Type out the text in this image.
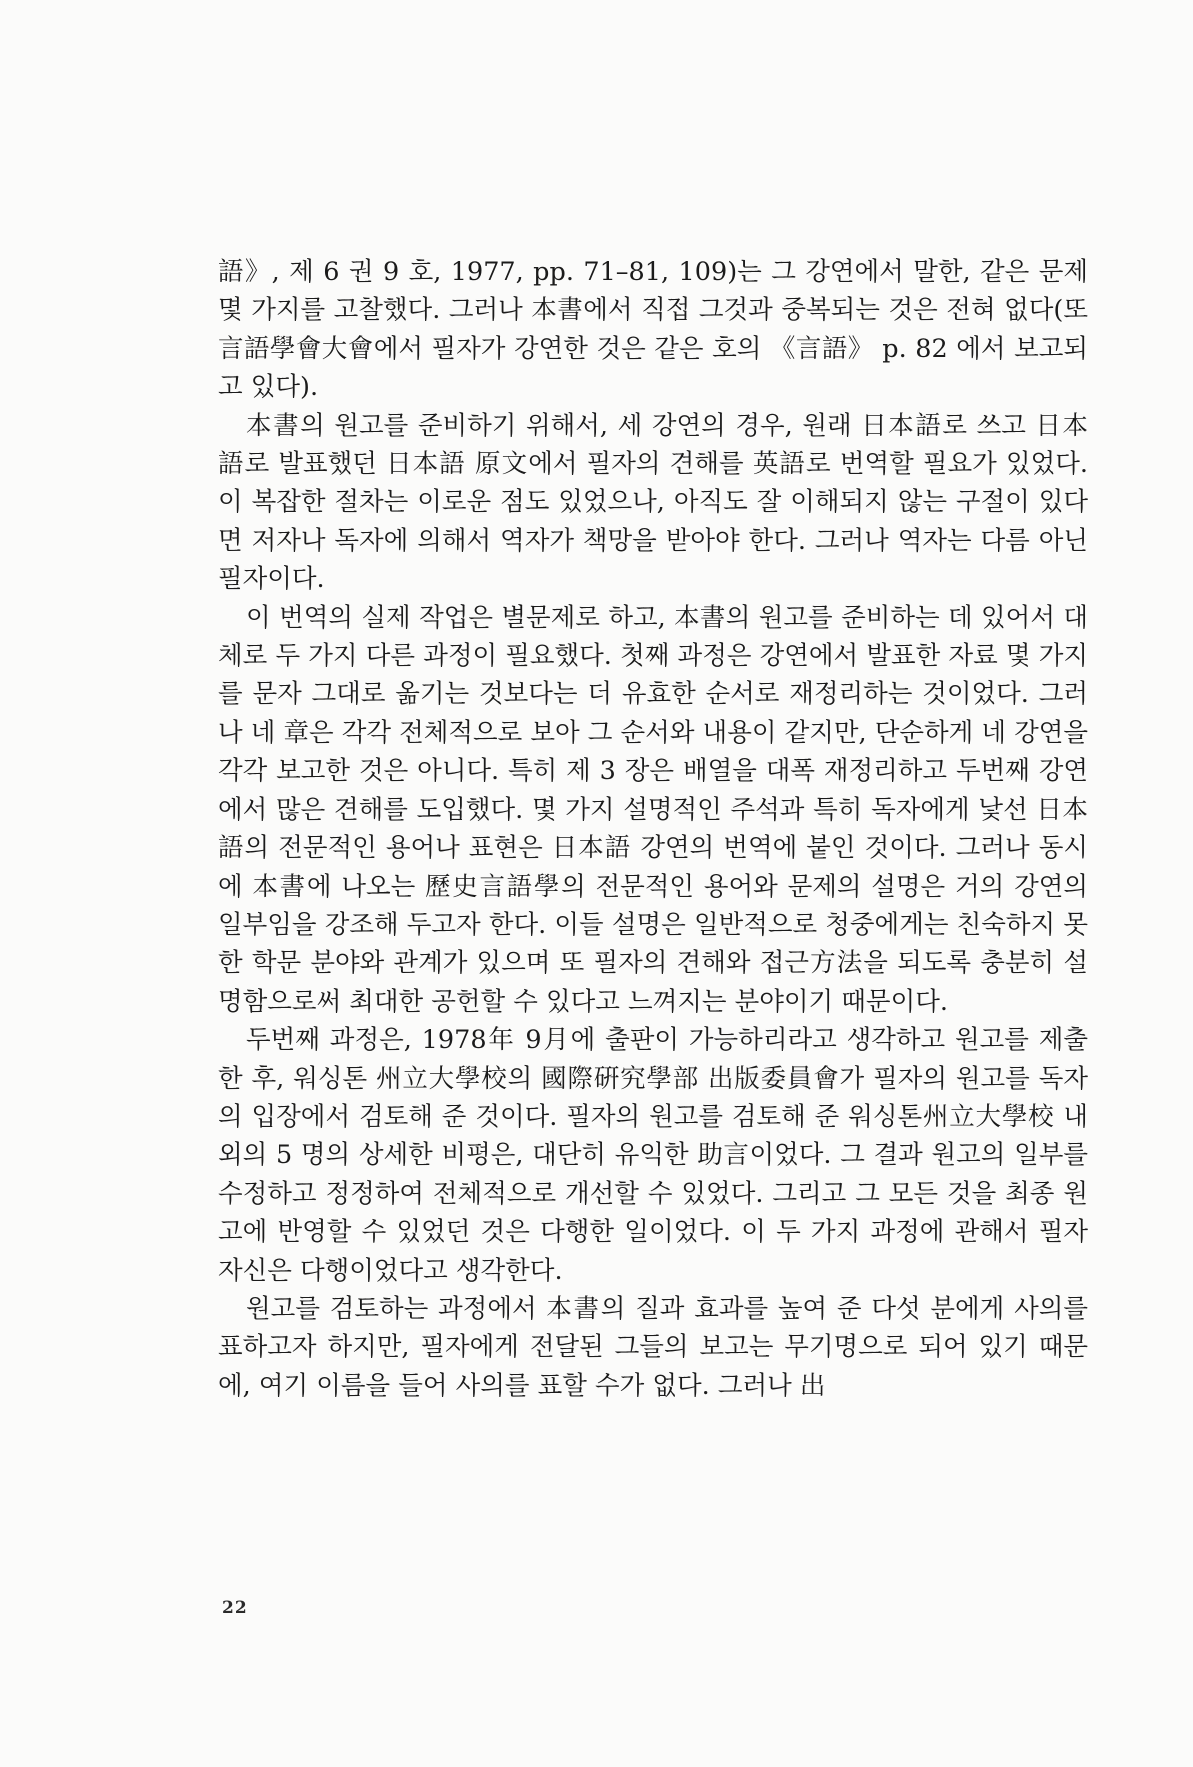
語》, 제 6 권 9 호, 1977, pp. 71–81, 109)는 그 강연에서 말한, 같은 문제 몇 가지를 고찰했다. 그러나 本書에서 직접 그것과 중복되는 것은 전혀 없다(또 言語學會大會에서 필자가 강연한 것은 같은 호의 《言語》 p. 82 에서 보고되고 있다).

本書의 원고를 준비하기 위해서, 세 강연의 경우, 원래 日本語로 쓰고 日本語로 발표했던 日本語 原文에서 필자의 견해를 英語로 번역할 필요가 있었다. 이 복잡한 절차는 이로운 점도 있었으나, 아직도 잘 이해되지 않는 구절이 있다면 저자나 독자에 의해서 역자가 책망을 받아야 한다. 그러나 역자는 다름 아닌 필자이다.

이 번역의 실제 작업은 별문제로 하고, 本書의 원고를 준비하는 데 있어서 대체로 두 가지 다른 과정이 필요했다. 첫째 과정은 강연에서 발표한 자료 몇 가지를 문자 그대로 옮기는 것보다는 더 유효한 순서로 재정리하는 것이었다. 그러나 네 章은 각각 전체적으로 보아 그 순서와 내용이 같지만, 단순하게 네 강연을 각각 보고한 것은 아니다. 특히 제 3 장은 배열을 대폭 재정리하고 두번째 강연에서 많은 견해를 도입했다. 몇 가지 설명적인 주석과 특히 독자에게 낯선 日本語의 전문적인 용어나 표현은 日本語 강연의 번역에 붙인 것이다. 그러나 동시에 本書에 나오는 歷史言語學의 전문적인 용어와 문제의 설명은 거의 강연의 일부임을 강조해 두고자 한다. 이들 설명은 일반적으로 청중에게는 친숙하지 못한 학문 분야와 관계가 있으며 또 필자의 견해와 접근方法을 되도록 충분히 설명함으로써 최대한 공헌할 수 있다고 느껴지는 분야이기 때문이다.

두번째 과정은, 1978年 9月에 출판이 가능하리라고 생각하고 원고를 제출한 후, 워싱톤 州立大學校의 國際硏究學部 出版委員會가 필자의 원고를 독자의 입장에서 검토해 준 것이다. 필자의 원고를 검토해 준 워싱톤州立大學校 내외의 5 명의 상세한 비평은, 대단히 유익한 助言이었다. 그 결과 원고의 일부를 수정하고 정정하여 전체적으로 개선할 수 있었다. 그리고 그 모든 것을 최종 원고에 반영할 수 있었던 것은 다행한 일이었다. 이 두 가지 과정에 관해서 필자 자신은 다행이었다고 생각한다.

원고를 검토하는 과정에서 本書의 질과 효과를 높여 준 다섯 분에게 사의를 표하고자 하지만, 필자에게 전달된 그들의 보고는 무기명으로 되어 있기 때문에, 여기 이름을 들어 사의를 표할 수가 없다. 그러나 出

22
